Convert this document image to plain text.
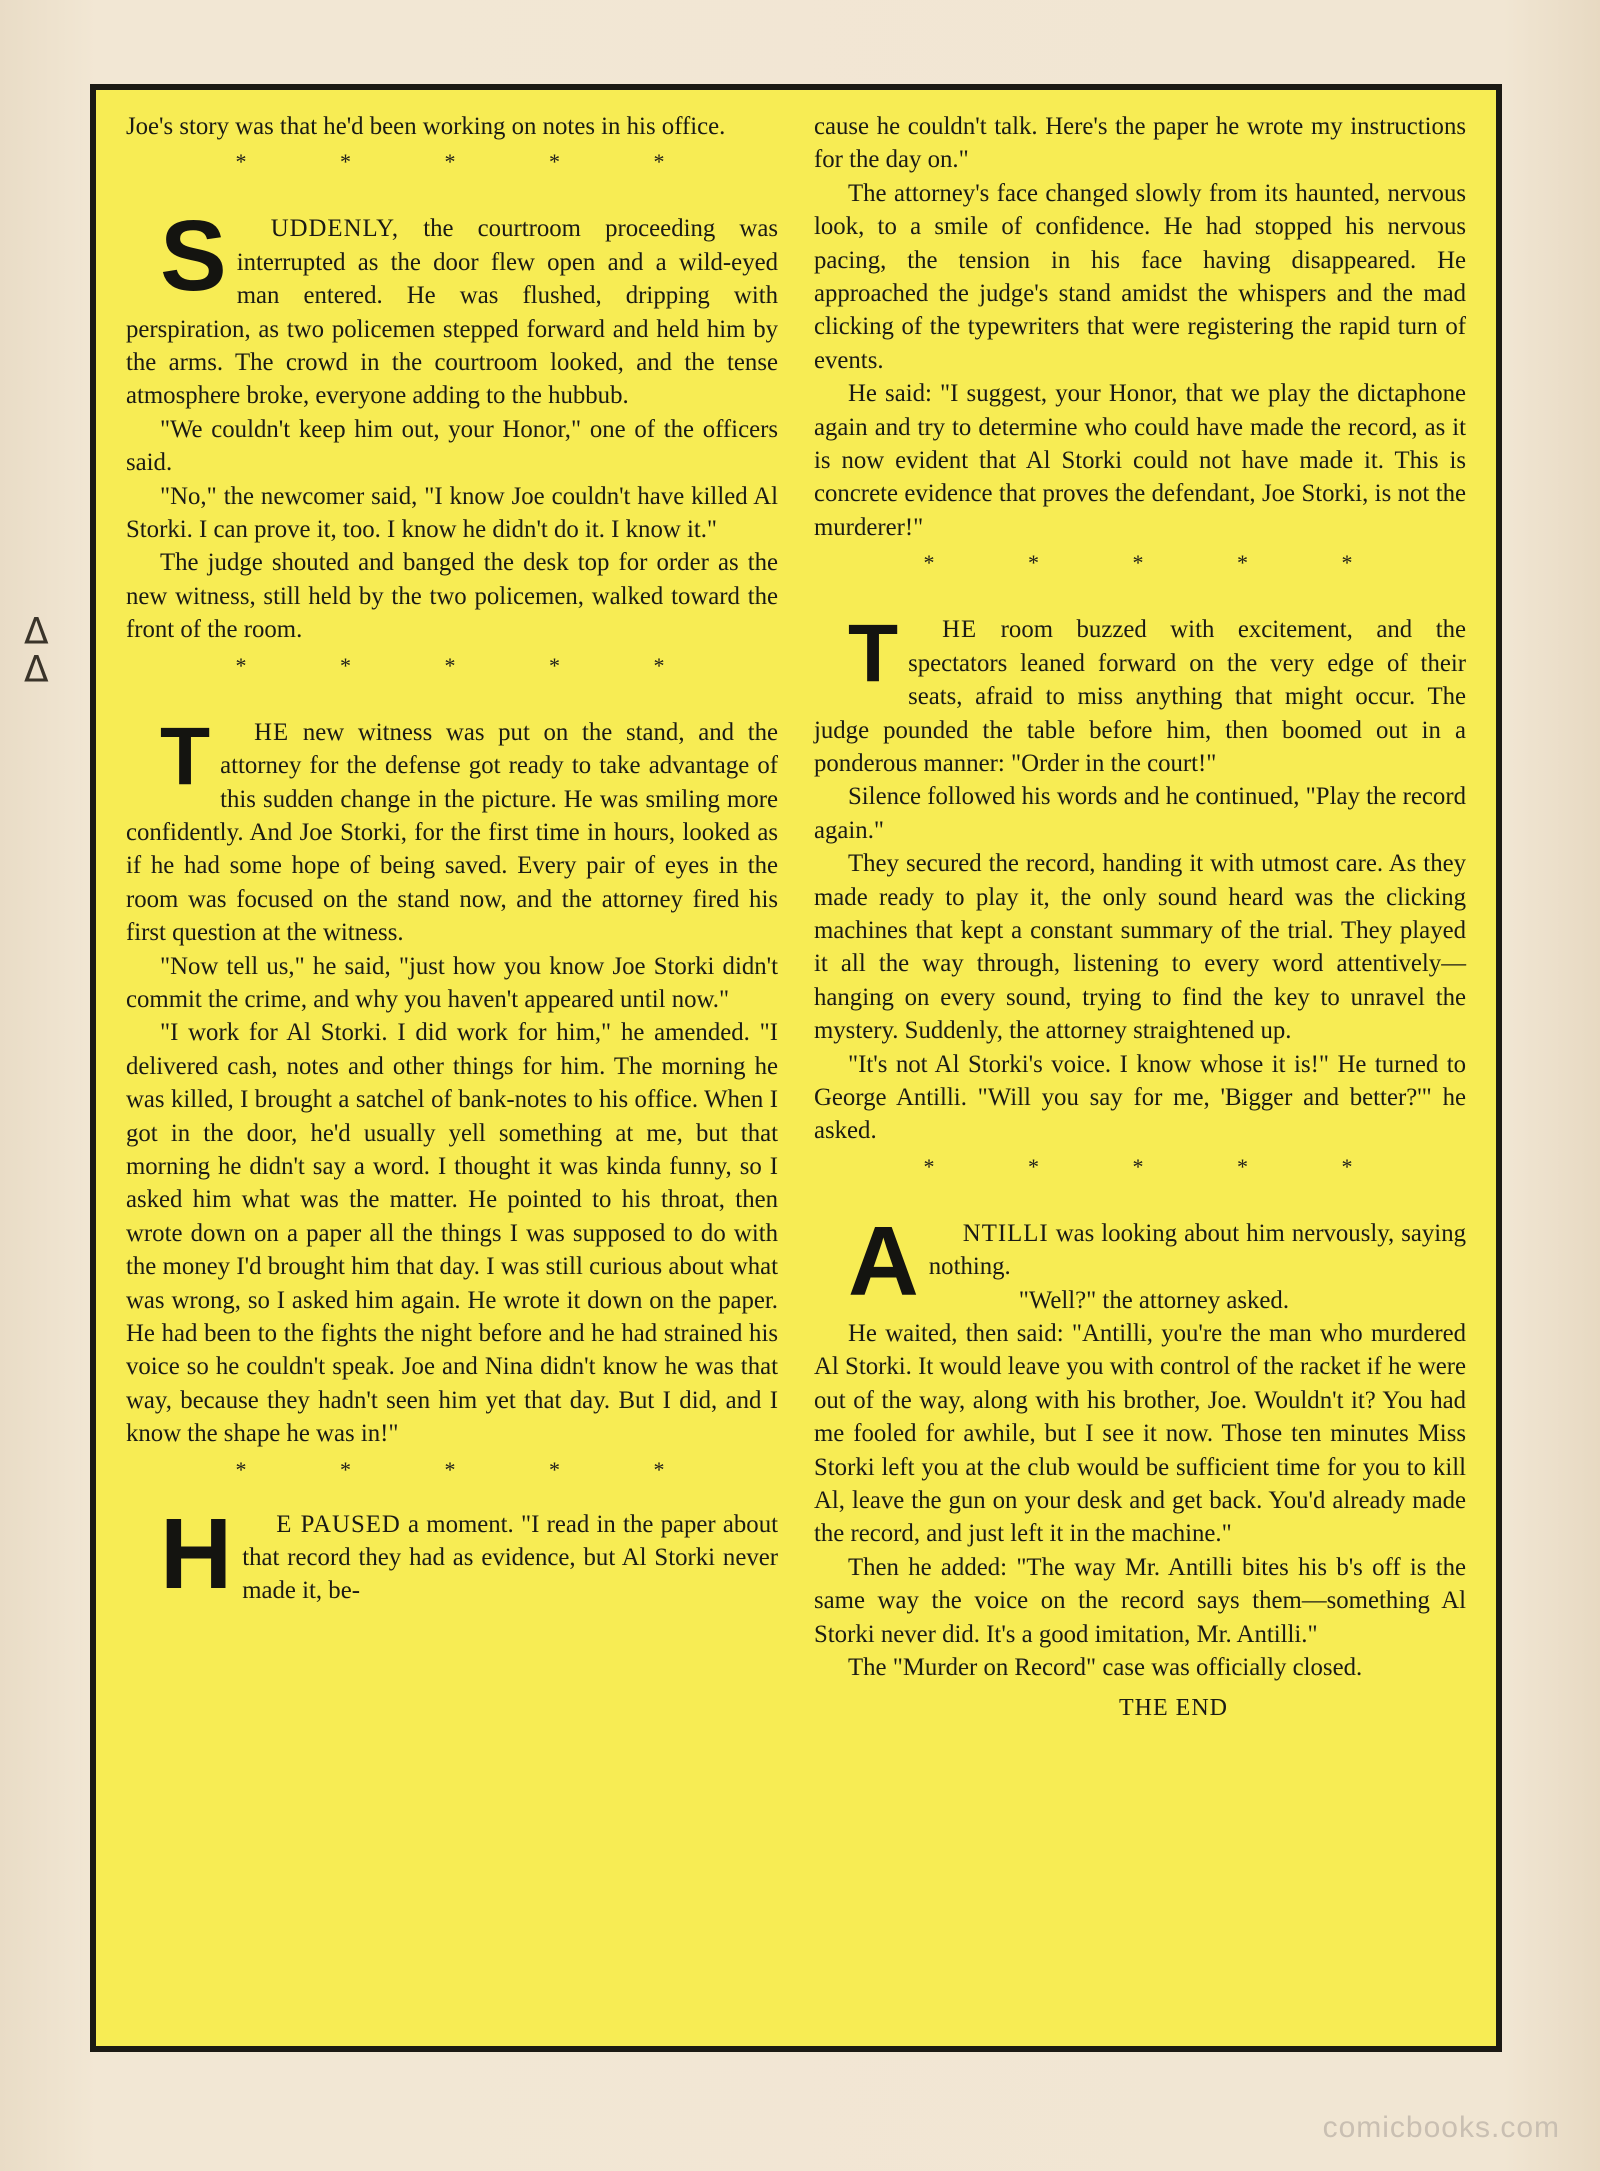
ᐃ
ᐃ

Joe's story was that he'd been working on notes in his office.

* * * * *

S UDDENLY, the courtroom proceeding was interrupted as the door flew open and a wild-eyed man entered. He was flushed, dripping with perspiration, as two policemen stepped forward and held him by the arms. The crowd in the courtroom looked, and the tense atmosphere broke, everyone adding to the hubbub.

"We couldn't keep him out, your Honor," one of the officers said.

"No," the newcomer said, "I know Joe couldn't have killed Al Storki. I can prove it, too. I know he didn't do it. I know it."

The judge shouted and banged the desk top for order as the new witness, still held by the two policemen, walked toward the front of the room.

* * * * *

T HE new witness was put on the stand, and the attorney for the defense got ready to take advantage of this sudden change in the picture. He was smiling more confidently. And Joe Storki, for the first time in hours, looked as if he had some hope of being saved. Every pair of eyes in the room was focused on the stand now, and the attorney fired his first question at the witness.

"Now tell us," he said, "just how you know Joe Storki didn't commit the crime, and why you haven't appeared until now."

"I work for Al Storki. I did work for him," he amended. "I delivered cash, notes and other things for him. The morning he was killed, I brought a satchel of bank-notes to his office. When I got in the door, he'd usually yell something at me, but that morning he didn't say a word. I thought it was kinda funny, so I asked him what was the matter. He pointed to his throat, then wrote down on a paper all the things I was supposed to do with the money I'd brought him that day. I was still curious about what was wrong, so I asked him again. He wrote it down on the paper. He had been to the fights the night before and he had strained his voice so he couldn't speak. Joe and Nina didn't know he was that way, because they hadn't seen him yet that day. But I did, and I know the shape he was in!"

* * * * *

H E PAUSED a moment. "I read in the paper about that record they had as evidence, but Al Storki never made it, be-

cause he couldn't talk. Here's the paper he wrote my instructions for the day on."

The attorney's face changed slowly from its haunted, nervous look, to a smile of confidence. He had stopped his nervous pacing, the tension in his face having disappeared. He approached the judge's stand amidst the whispers and the mad clicking of the typewriters that were registering the rapid turn of events.

He said: "I suggest, your Honor, that we play the dictaphone again and try to determine who could have made the record, as it is now evident that Al Storki could not have made it. This is concrete evidence that proves the defendant, Joe Storki, is not the murderer!"

* * * * *

T HE room buzzed with excitement, and the spectators leaned forward on the very edge of their seats, afraid to miss anything that might occur. The judge pounded the table before him, then boomed out in a ponderous manner: "Order in the court!"

Silence followed his words and he continued, "Play the record again."

They secured the record, handing it with utmost care. As they made ready to play it, the only sound heard was the clicking machines that kept a constant summary of the trial. They played it all the way through, listening to every word attentively—hanging on every sound, trying to find the key to unravel the mystery. Suddenly, the attorney straightened up.

"It's not Al Storki's voice. I know whose it is!" He turned to George Antilli. "Will you say for me, 'Bigger and better?'" he asked.

* * * * *

A NTILLI was looking about him nervously, saying nothing.
"Well?" the attorney asked.

He waited, then said: "Antilli, you're the man who murdered Al Storki. It would leave you with control of the racket if he were out of the way, along with his brother, Joe. Wouldn't it? You had me fooled for awhile, but I see it now. Those ten minutes Miss Storki left you at the club would be sufficient time for you to kill Al, leave the gun on your desk and get back. You'd already made the record, and just left it in the machine."

Then he added: "The way Mr. Antilli bites his b's off is the same way the voice on the record says them—something Al Storki never did. It's a good imitation, Mr. Antilli."

The "Murder on Record" case was officially closed.

THE END
comicbooks.com
